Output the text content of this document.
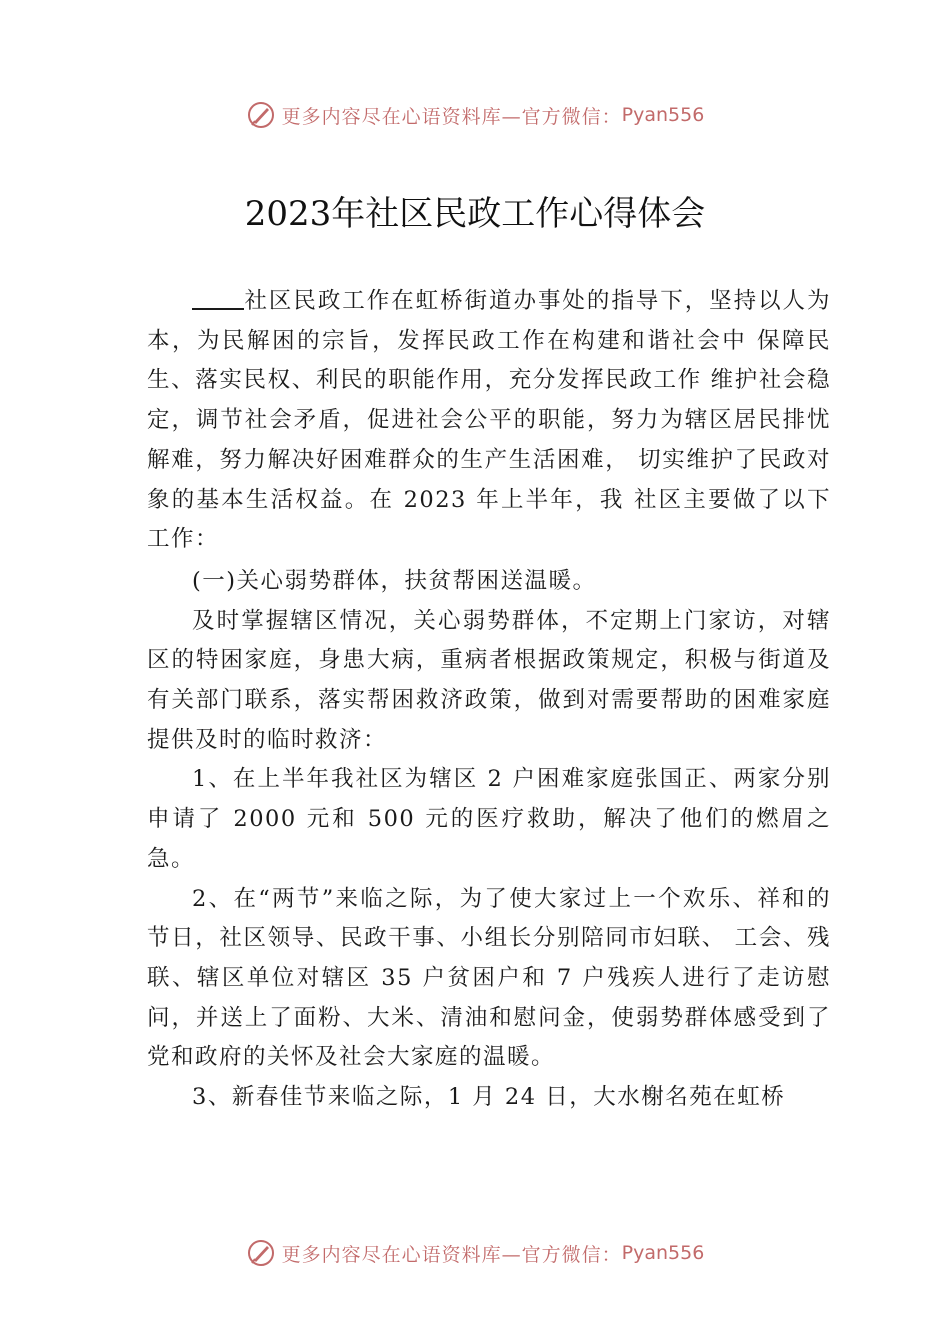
更多内容尽在心语资料库—官方微信： Pyan556
2023年社区民政工作心得体会

社区民政工作在虹桥街道办事处的指导下，坚持以人为本，为民解困的宗旨，发挥民政工作在构建和谐社会中 保障民生、落实民权、利民的职能作用，充分发挥民政工作 维护社会稳定，调节社会矛盾，促进社会公平的职能，努力为辖区居民排忧解难，努力解决好困难群众的生产生活困难， 切实维护了民政对象的基本生活权益。在 2023 年上半年，我 社区主要做了以下工作：

(一)关心弱势群体，扶贫帮困送温暖。

及时掌握辖区情况，关心弱势群体，不定期上门家访，对辖区的特困家庭，身患大病，重病者根据政策规定，积极与街道及有关部门联系，落实帮困救济政策，做到对需要帮助的困难家庭提供及时的临时救济：

1、在上半年我社区为辖区 2 户困难家庭张国正、两家分别申请了 2000 元和 500 元的医疗救助，解决了他们的燃眉之急。

2、在“两节”来临之际，为了使大家过上一个欢乐、祥和的节日，社区领导、民政干事、小组长分别陪同市妇联、 工会、残联、辖区单位对辖区 35 户贫困户和 7 户残疾人进行了走访慰问，并送上了面粉、大米、清油和慰问金，使弱势群体感受到了党和政府的关怀及社会大家庭的温暖。

3、新春佳节来临之际，1 月 24 日，大水榭名苑在虹桥

更多内容尽在心语资料库—官方微信： Pyan556
